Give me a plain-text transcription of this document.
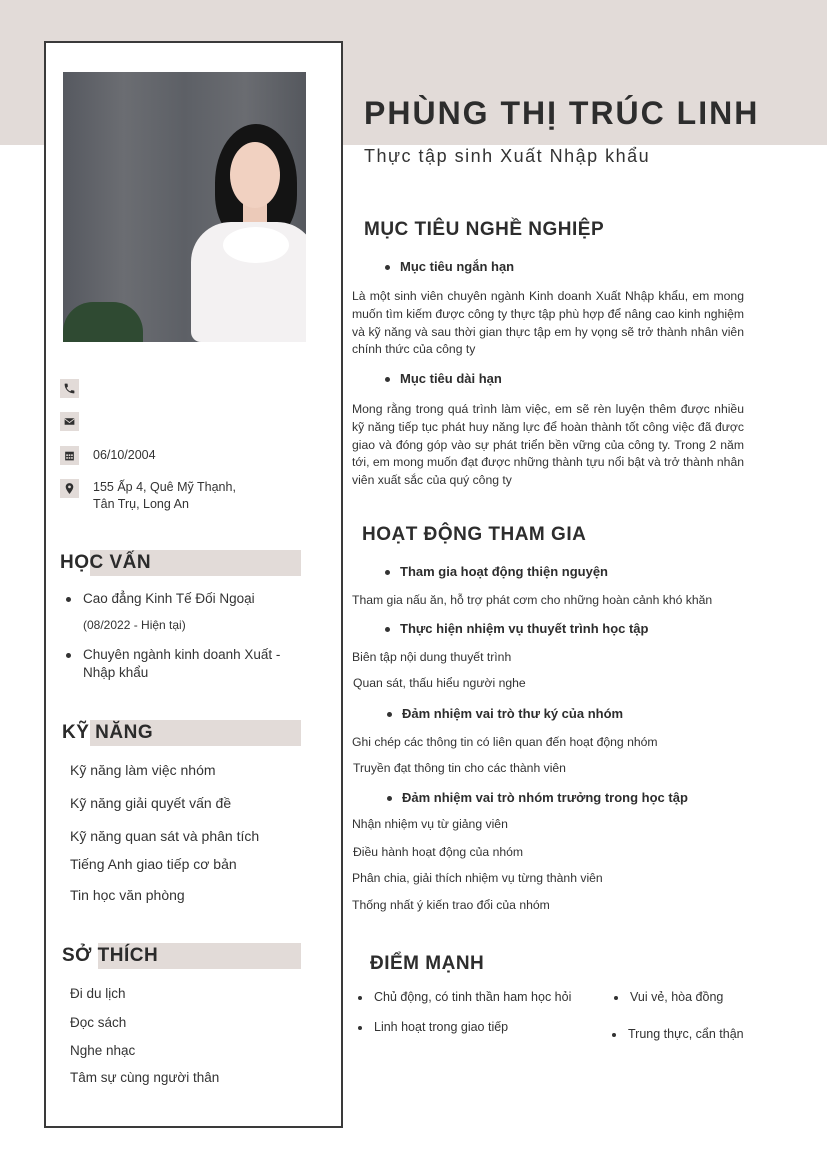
06/10/2004
155 Ấp 4, Quê Mỹ Thạnh,
Tân Trụ, Long An
HỌC VẤN
Cao đẳng Kinh Tế Đối Ngoại
(08/2022 - Hiện tại)
Chuyên ngành kinh doanh Xuất -
Nhập khẩu
KỸ NĂNG
Kỹ năng làm việc nhóm
Kỹ năng giải quyết vấn đề
Kỹ năng quan sát và phân tích
Tiếng Anh giao tiếp cơ bản
Tin học văn phòng
SỞ THÍCH
Đi du lịch
Đọc sách
Nghe nhạc
Tâm sự cùng người thân
PHÙNG THỊ TRÚC LINH
Thực tập sinh Xuất Nhập khẩu
MỤC TIÊU NGHỀ NGHIỆP
Mục tiêu ngắn hạn
Là một sinh viên chuyên ngành Kinh doanh Xuất Nhập khẩu, em mong muốn tìm kiếm được công ty thực tập phù hợp để nâng cao kinh nghiệm và kỹ năng và sau thời gian thực tập em hy vọng sẽ trở thành nhân viên chính thức của công ty
Mục tiêu dài hạn
Mong rằng trong quá trình làm việc, em sẽ rèn luyện thêm được nhiều kỹ năng tiếp tục phát huy năng lực để hoàn thành tốt công việc đã được giao và đóng góp vào sự phát triển bền vững của công ty. Trong 2 năm tới, em mong muốn đạt được những thành tựu nổi bật và trở thành nhân viên xuất sắc của quý công ty
HOẠT ĐỘNG THAM GIA
Tham gia hoạt động thiện nguyện
Tham gia nấu ăn, hỗ trợ phát cơm cho những hoàn cảnh khó khăn
Thực hiện nhiệm vụ thuyết trình học tập
Biên tập nội dung thuyết trình
Quan sát, thấu hiểu người nghe
Đảm nhiệm vai trò thư ký của nhóm
Ghi chép các thông tin có liên quan đến hoạt động nhóm
Truyền đạt thông tin cho các thành viên
Đảm nhiệm vai trò nhóm trưởng trong học tập
Nhận nhiệm vụ từ giảng viên
Điều hành hoạt động của nhóm
Phân chia, giải thích nhiệm vụ từng thành viên
Thống nhất ý kiến trao đổi của nhóm
ĐIỂM MẠNH
Chủ động, có tinh thần ham học hỏi
Linh hoạt trong giao tiếp
Vui vẻ, hòa đồng
Trung thực, cẩn thận
